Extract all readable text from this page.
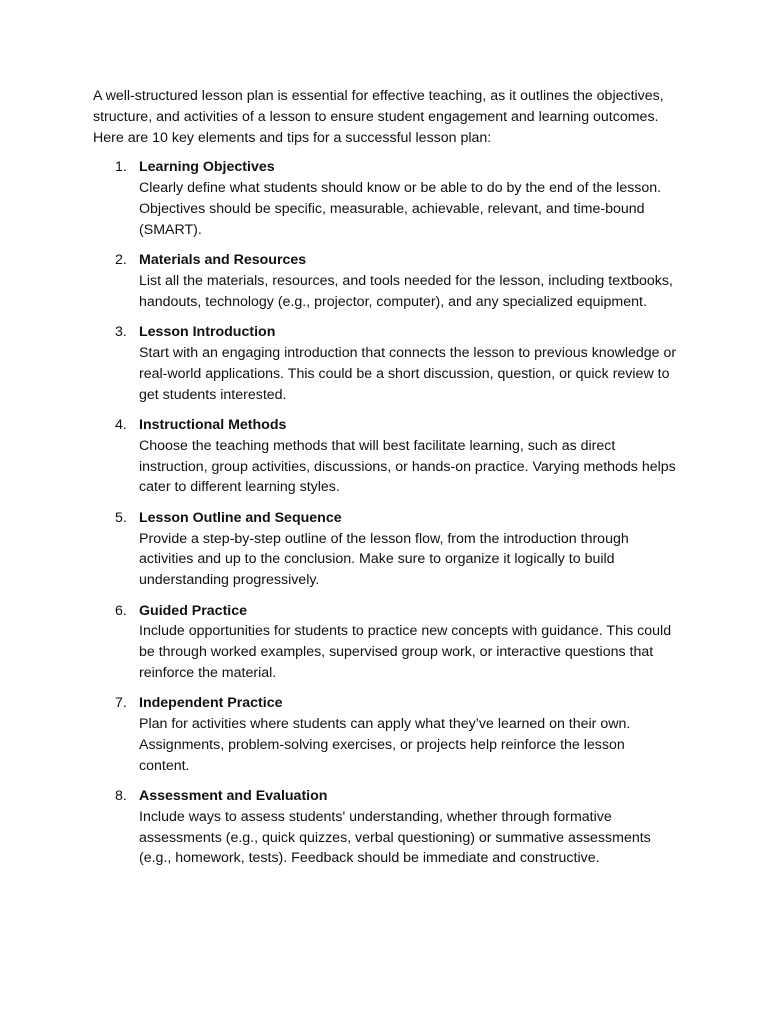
A well-structured lesson plan is essential for effective teaching, as it outlines the objectives, structure, and activities of a lesson to ensure student engagement and learning outcomes. Here are 10 key elements and tips for a successful lesson plan:

1. Learning Objectives
Clearly define what students should know or be able to do by the end of the lesson. Objectives should be specific, measurable, achievable, relevant, and time-bound (SMART).
2. Materials and Resources
List all the materials, resources, and tools needed for the lesson, including textbooks, handouts, technology (e.g., projector, computer), and any specialized equipment.
3. Lesson Introduction
Start with an engaging introduction that connects the lesson to previous knowledge or real-world applications. This could be a short discussion, question, or quick review to get students interested.
4. Instructional Methods
Choose the teaching methods that will best facilitate learning, such as direct instruction, group activities, discussions, or hands-on practice. Varying methods helps cater to different learning styles.
5. Lesson Outline and Sequence
Provide a step-by-step outline of the lesson flow, from the introduction through activities and up to the conclusion. Make sure to organize it logically to build understanding progressively.
6. Guided Practice
Include opportunities for students to practice new concepts with guidance. This could be through worked examples, supervised group work, or interactive questions that reinforce the material.
7. Independent Practice
Plan for activities where students can apply what they’ve learned on their own. Assignments, problem-solving exercises, or projects help reinforce the lesson content.
8. Assessment and Evaluation
Include ways to assess students' understanding, whether through formative assessments (e.g., quick quizzes, verbal questioning) or summative assessments (e.g., homework, tests). Feedback should be immediate and constructive.
